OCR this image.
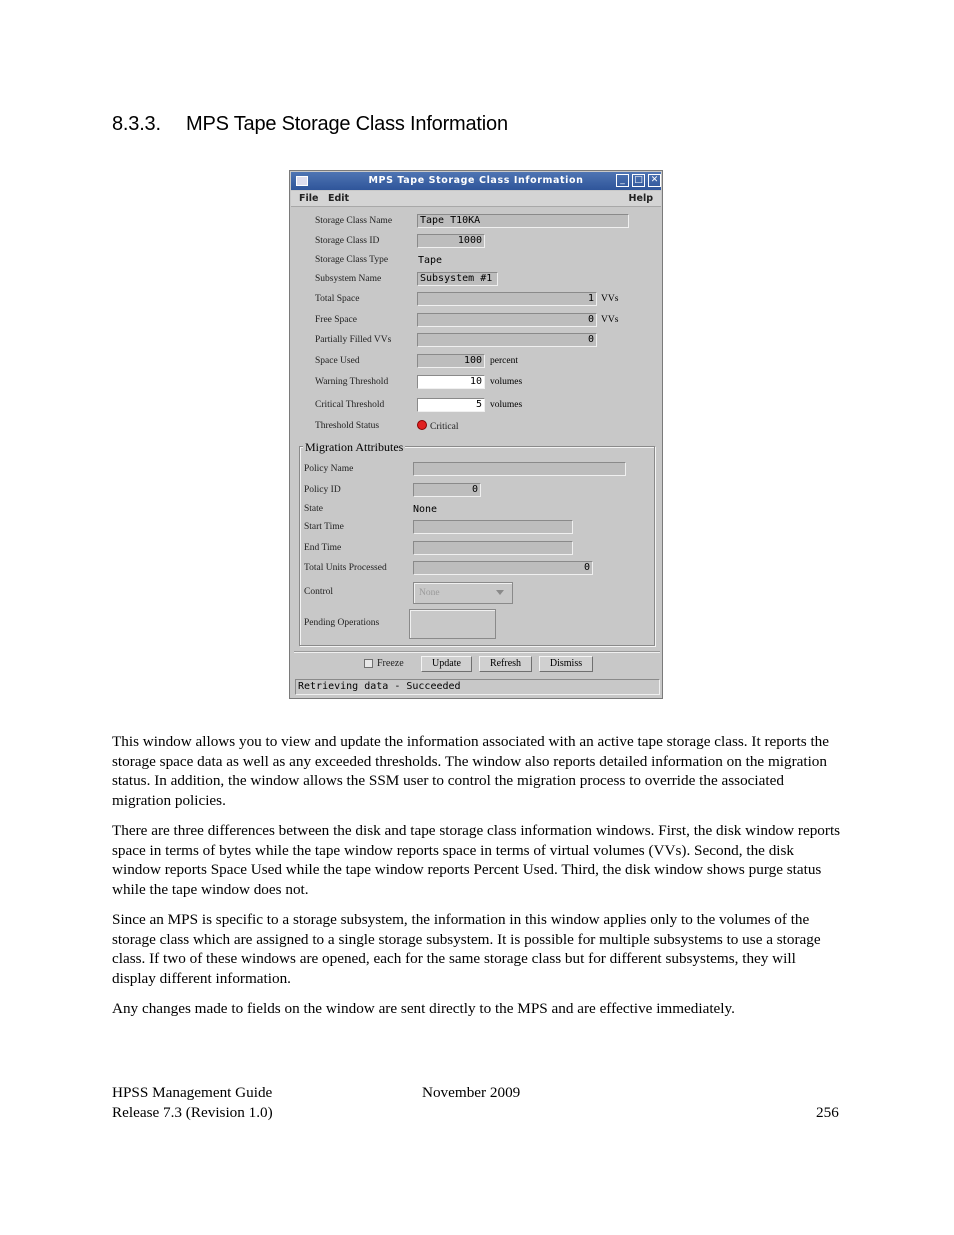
8.3.3. MPS Tape Storage Class Information
MPS Tape Storage Class Information	_	□ ✕
File Edit	Help
Storage Class Name	Tape T10KA
Storage Class ID	1000
Storage Class Type	Tape
Subsystem Name	Subsystem #1
Total Space	1 VVs
Free Space	0 VVs
Partially Filled VVs	0
Space Used	100 percent
Warning Threshold	10 volumes
Critical Threshold	5 volumes
Threshold Status	Critical
Migration Attributes
Policy Name
Policy ID	0
State	None
Start Time
End Time
Total Units Processed	0
Control	None
Pending Operations
Freeze	Update	Refresh	Dismiss
Retrieving data - Succeeded
This window allows you to view and update the information associated with an active tape storage class. It reports the storage space data as well as any exceeded thresholds. The window also reports detailed information on the migration status. In addition, the window allows the SSM user to control the migration process to override the associated migration policies.
There are three differences between the disk and tape storage class information windows. First, the disk window reports space in terms of bytes while the tape window reports space in terms of virtual volumes (VVs). Second, the disk window reports Space Used while the tape window reports Percent Used. Third, the disk window shows purge status while the tape window does not.
Since an MPS is specific to a storage subsystem, the information in this window applies only to the volumes of the storage class which are assigned to a single storage subsystem. It is possible for multiple subsystems to use a storage class. If two of these windows are opened, each for the same storage class but for different subsystems, they will display different information.
Any changes made to fields on the window are sent directly to the MPS and are effective immediately.
HPSS Management Guide
Release 7.3 (Revision 1.0)
November 2009
256
